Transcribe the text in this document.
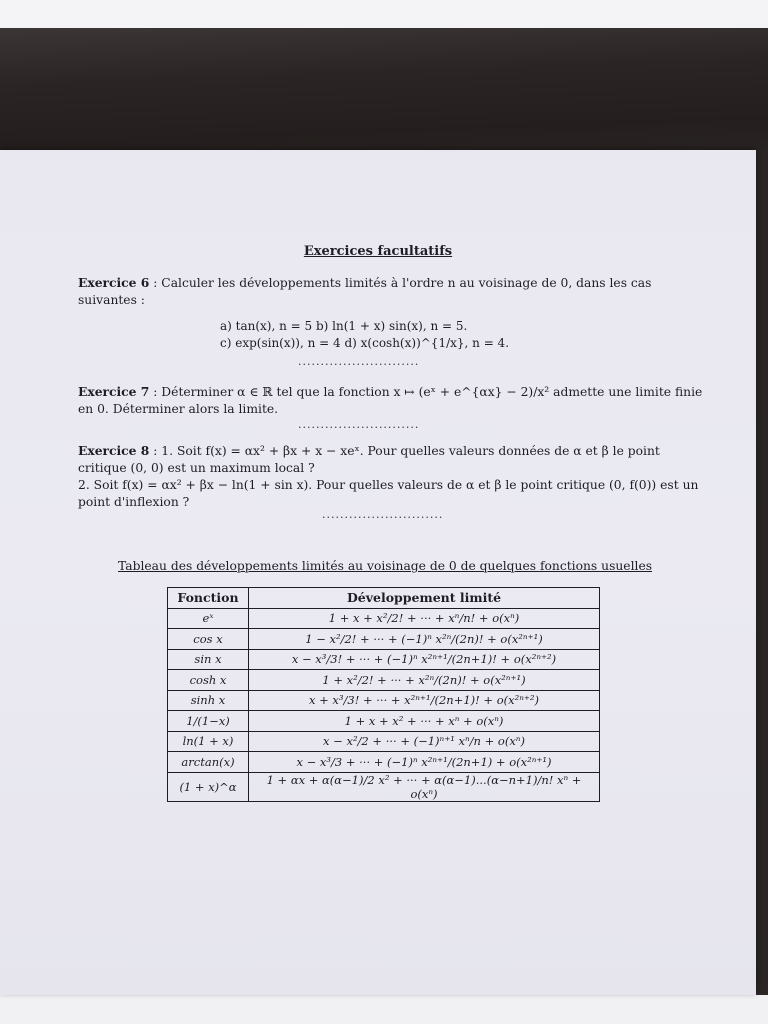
Exercices facultatifs
Exercice 6 : Calculer les développements limités à l'ordre n au voisinage de 0, dans les cas suivantes :
a) tan(x), n = 5 b) ln(1 + x) sin(x), n = 5.
c) exp(sin(x)), n = 4 d) x(cosh(x))^{1/x}, n = 4.
...........................
Exercice 7 : Déterminer α ∈ ℝ tel que la fonction x ↦ (eˣ + e^{αx} − 2)/x² admette une limite finie en 0. Déterminer alors la limite.
...........................
Exercice 8 : 1. Soit f(x) = αx² + βx + x − xeˣ. Pour quelles valeurs données de α et β le point critique (0, 0) est un maximum local ?
2. Soit f(x) = αx² + βx − ln(1 + sin x). Pour quelles valeurs de α et β le point critique (0, f(0)) est un point d'inflexion ?
...........................
Tableau des développements limités au voisinage de 0 de quelques fonctions usuelles
Fonction	Développement limité
eˣ	1 + x + x²/2! + ··· + xⁿ/n! + o(xⁿ)
cos x	1 − x²/2! + ··· + (−1)ⁿ x²ⁿ/(2n)! + o(x²ⁿ⁺¹)
sin x	x − x³/3! + ··· + (−1)ⁿ x²ⁿ⁺¹/(2n+1)! + o(x²ⁿ⁺²)
cosh x	1 + x²/2! + ··· + x²ⁿ/(2n)! + o(x²ⁿ⁺¹)
sinh x	x + x³/3! + ··· + x²ⁿ⁺¹/(2n+1)! + o(x²ⁿ⁺²)
1/(1−x)	1 + x + x² + ··· + xⁿ + o(xⁿ)
ln(1 + x)	x − x²/2 + ··· + (−1)ⁿ⁺¹ xⁿ/n + o(xⁿ)
arctan(x)	x − x³/3 + ··· + (−1)ⁿ x²ⁿ⁺¹/(2n+1) + o(x²ⁿ⁺¹)
(1 + x)^α	1 + αx + α(α−1)/2 x² + ··· + α(α−1)...(α−n+1)/n! xⁿ + o(xⁿ)
